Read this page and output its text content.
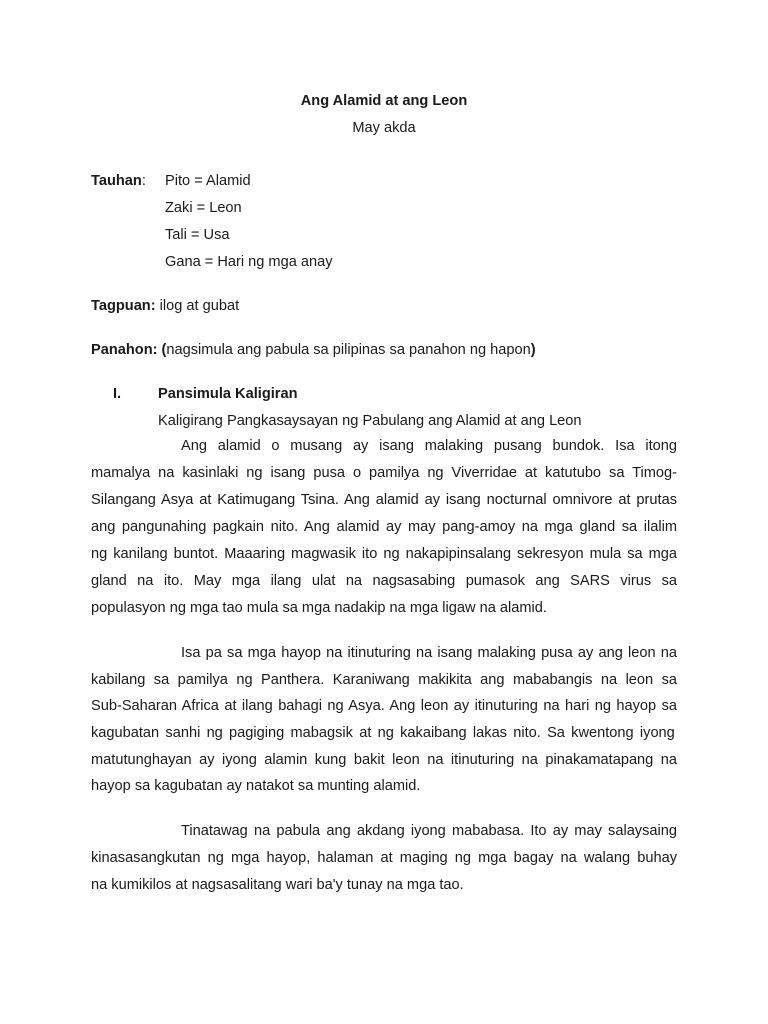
Ang Alamid at ang Leon
May akda
Tauhan: Pito = Alamid
Zaki = Leon
Tali = Usa
Gana = Hari ng mga anay
Tagpuan: ilog at gubat
Panahon: (nagsimula ang pabula sa pilipinas sa panahon ng hapon)
I.	Pansimula Kaligiran
Kaligirang Pangkasaysayan ng Pabulang ang Alamid at ang Leon
Ang alamid o musang ay isang malaking pusang bundok. Isa itong
mamalya na kasinlaki ng isang pusa o pamilya ng Viverridae at katutubo sa Timog-
Silangang Asya at Katimugang Tsina. Ang alamid ay isang nocturnal omnivore at prutas
ang pangunahing pagkain nito. Ang alamid ay may pang-amoy na mga gland sa ilalim
ng kanilang buntot. Maaaring magwasik ito ng nakapipinsalang sekresyon mula sa mga
gland na ito. May mga ilang ulat na nagsasabing pumasok ang SARS virus sa
populasyon ng mga tao mula sa mga nadakip na mga ligaw na alamid.
Isa pa sa mga hayop na itinuturing na isang malaking pusa ay ang leon na
kabilang sa pamilya ng Panthera. Karaniwang makikita ang mababangis na leon sa
Sub-Saharan Africa at ilang bahagi ng Asya. Ang leon ay itinuturing na hari ng hayop sa
kagubatan sanhi ng pagiging mabagsik at ng kakaibang lakas nito. Sa kwentong iyong
matutunghayan ay iyong alamin kung bakit leon na itinuturing na pinakamatapang na
hayop sa kagubatan ay natakot sa munting alamid.
Tinatawag na pabula ang akdang iyong mababasa. Ito ay may salaysaing
kinasasangkutan ng mga hayop, halaman at maging ng mga bagay na walang buhay
na kumikilos at nagsasalitang wari ba'y tunay na mga tao.
